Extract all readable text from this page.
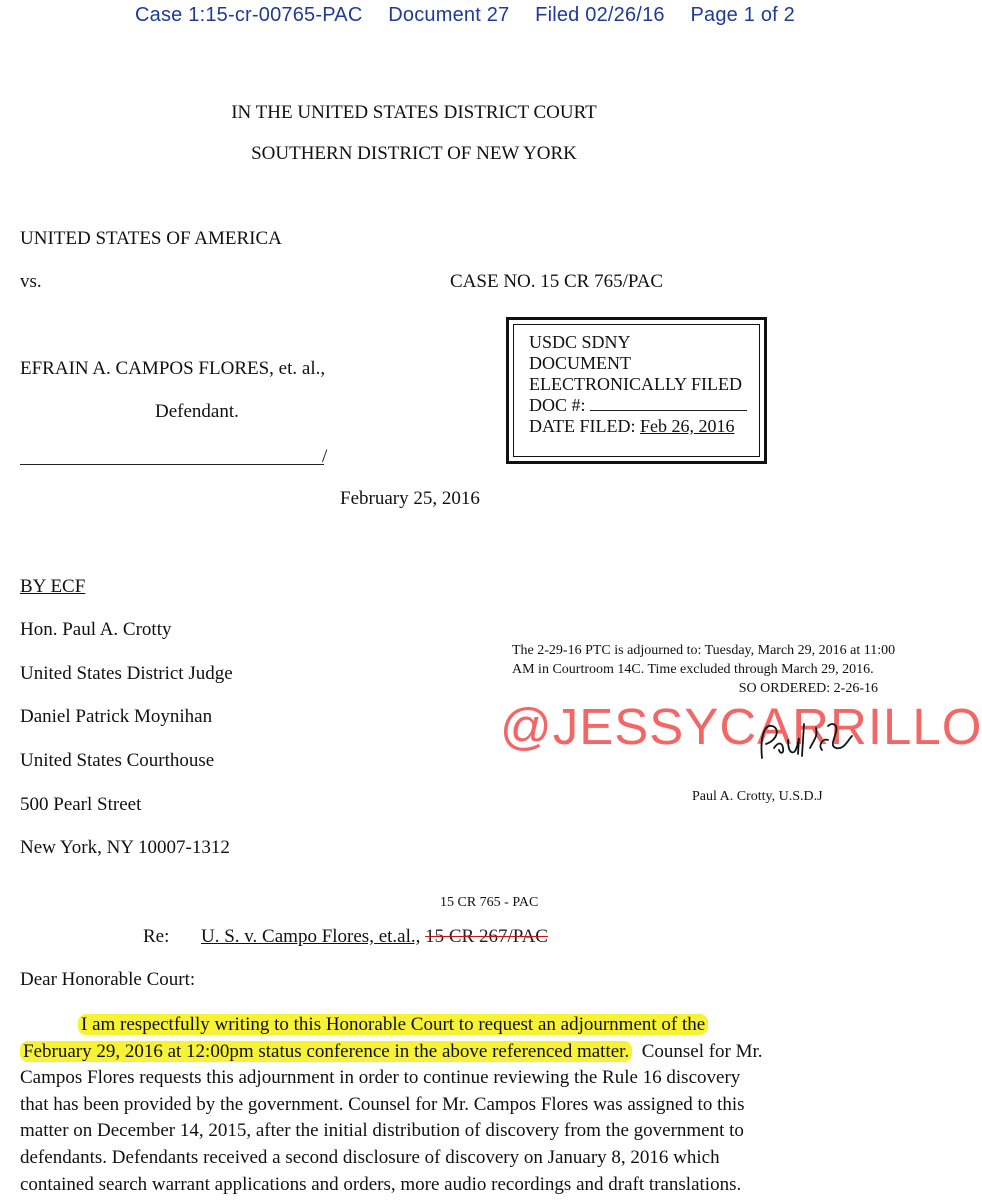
Case 1:15-cr-00765-PAC Document 27 Filed 02/26/16 Page 1 of 2
IN THE UNITED STATES DISTRICT COURT
SOUTHERN DISTRICT OF NEW YORK
UNITED STATES OF AMERICA
vs.	CASE NO. 15 CR 765/PAC
EFRAIN A. CAMPOS FLORES, et. al.,
Defendant.
/
USDC SDNY
DOCUMENT
ELECTRONICALLY FILED
DOC #:
DATE FILED: Feb 26, 2016
February 25, 2016
BY ECF
Hon. Paul A. Crotty
United States District Judge
Daniel Patrick Moynihan
United States Courthouse
500 Pearl Street
New York, NY 10007-1312
The 2-29-16 PTC is adjourned to: Tuesday, March 29, 2016 at 11:00
AM in Courtroom 14C. Time excluded through March 29, 2016.
SO ORDERED: 2-26-16
@JESSYCARRILLO
Paul A. Crotty, U.S.D.J
15 CR 765 - PAC
Re: U. S. v. Campo Flores, et.al., 15 CR 267/PAC
Dear Honorable Court:
I am respectfully writing to this Honorable Court to request an adjournment of the
February 29, 2016 at 12:00pm status conference in the above referenced matter.  Counsel for Mr.
Campos Flores requests this adjournment in order to continue reviewing the Rule 16 discovery
that has been provided by the government. Counsel for Mr. Campos Flores was assigned to this
matter on December 14, 2015, after the initial distribution of discovery from the government to
defendants. Defendants received a second disclosure of discovery on January 8, 2016 which
contained search warrant applications and orders, more audio recordings and draft translations.
